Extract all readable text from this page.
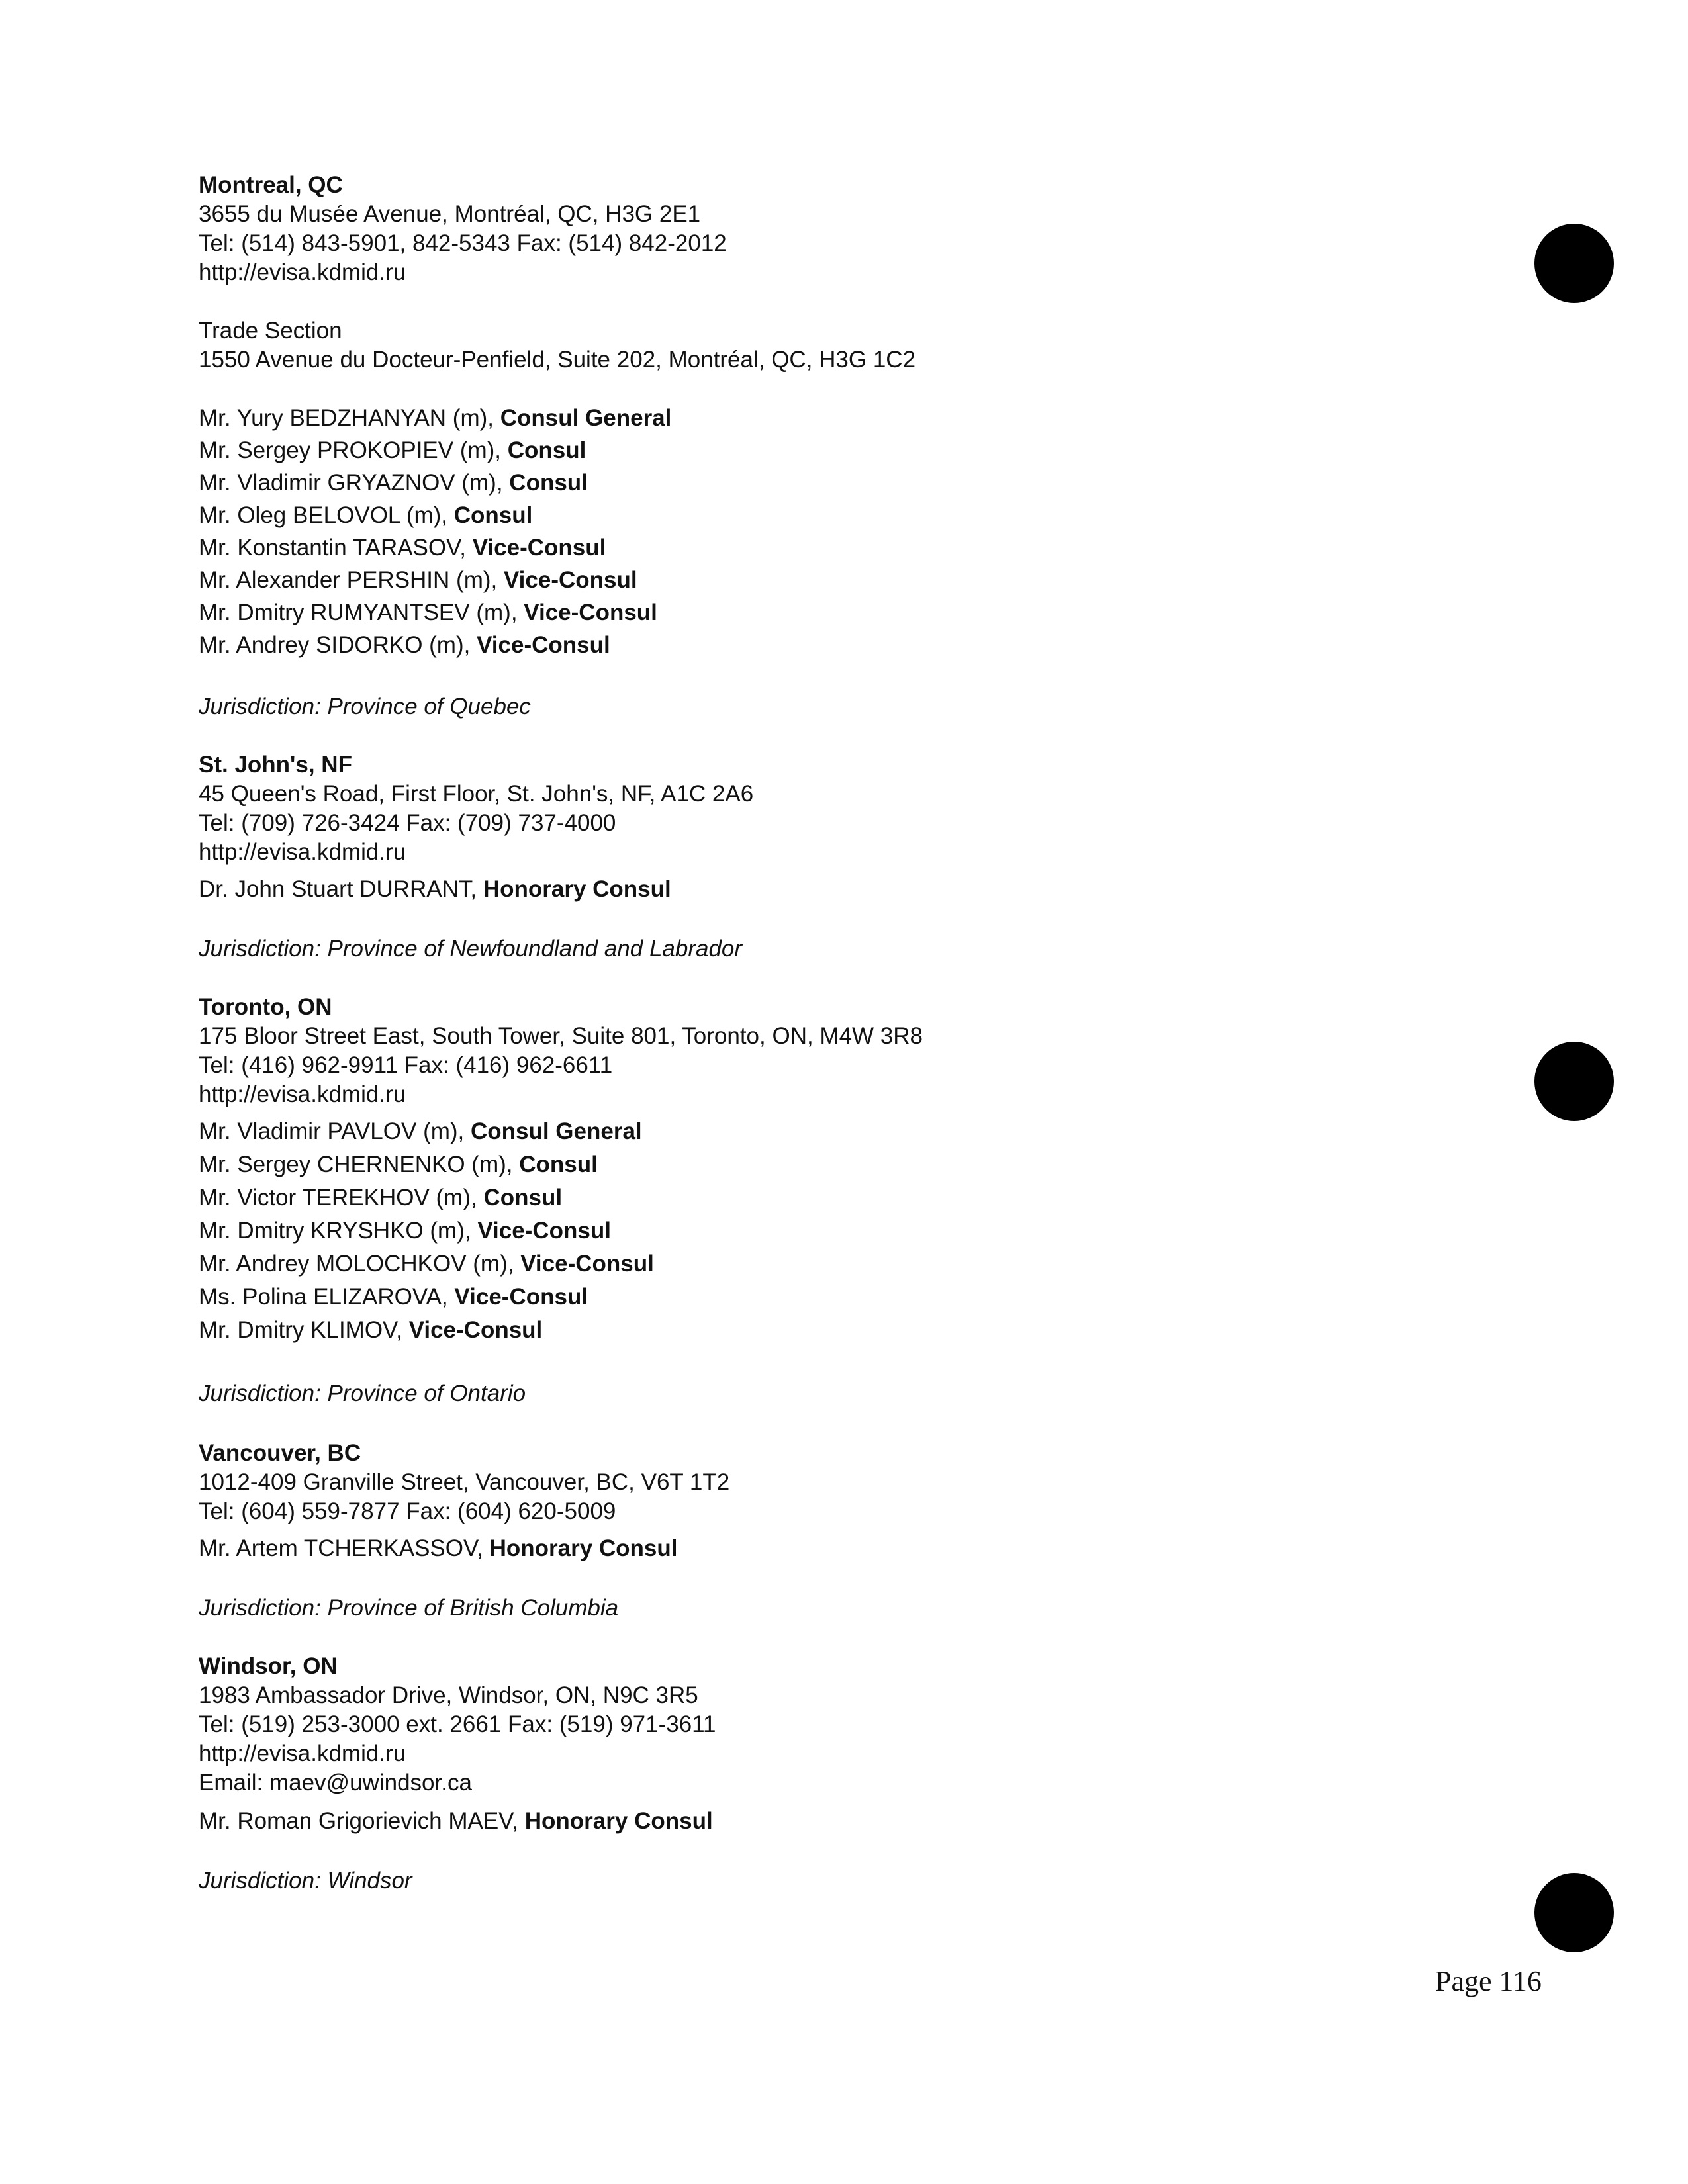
Montreal, QC
3655 du Musée Avenue, Montréal, QC, H3G 2E1
Tel: (514) 843-5901, 842-5343 Fax: (514) 842-2012
http://evisa.kdmid.ru
Trade Section
1550 Avenue du Docteur-Penfield, Suite 202, Montréal, QC, H3G 1C2
Mr. Yury BEDZHANYAN (m), Consul General
Mr. Sergey PROKOPIEV (m), Consul
Mr. Vladimir GRYAZNOV (m), Consul
Mr. Oleg BELOVOL (m), Consul
Mr. Konstantin TARASOV, Vice-Consul
Mr. Alexander PERSHIN (m), Vice-Consul
Mr. Dmitry RUMYANTSEV (m), Vice-Consul
Mr. Andrey SIDORKO (m), Vice-Consul
Jurisdiction: Province of Quebec
St. John's, NF
45 Queen's Road, First Floor, St. John's, NF, A1C 2A6
Tel: (709) 726-3424 Fax: (709) 737-4000
http://evisa.kdmid.ru
Dr. John Stuart DURRANT, Honorary Consul
Jurisdiction: Province of Newfoundland and Labrador
Toronto, ON
175 Bloor Street East, South Tower, Suite 801, Toronto, ON, M4W 3R8
Tel: (416) 962-9911 Fax: (416) 962-6611
http://evisa.kdmid.ru
Mr. Vladimir PAVLOV (m), Consul General
Mr. Sergey CHERNENKO (m), Consul
Mr. Victor TEREKHOV (m), Consul
Mr. Dmitry KRYSHKO (m), Vice-Consul
Mr. Andrey MOLOCHKOV (m), Vice-Consul
Ms. Polina ELIZAROVA, Vice-Consul
Mr. Dmitry KLIMOV, Vice-Consul
Jurisdiction: Province of Ontario
Vancouver, BC
1012-409 Granville Street, Vancouver, BC, V6T 1T2
Tel: (604) 559-7877 Fax: (604) 620-5009
Mr. Artem TCHERKASSOV, Honorary Consul
Jurisdiction: Province of British Columbia
Windsor, ON
1983 Ambassador Drive, Windsor, ON, N9C 3R5
Tel: (519) 253-3000 ext. 2661 Fax: (519) 971-3611
http://evisa.kdmid.ru
Email: maev@uwindsor.ca
Mr. Roman Grigorievich MAEV, Honorary Consul
Jurisdiction: Windsor
Page 116
